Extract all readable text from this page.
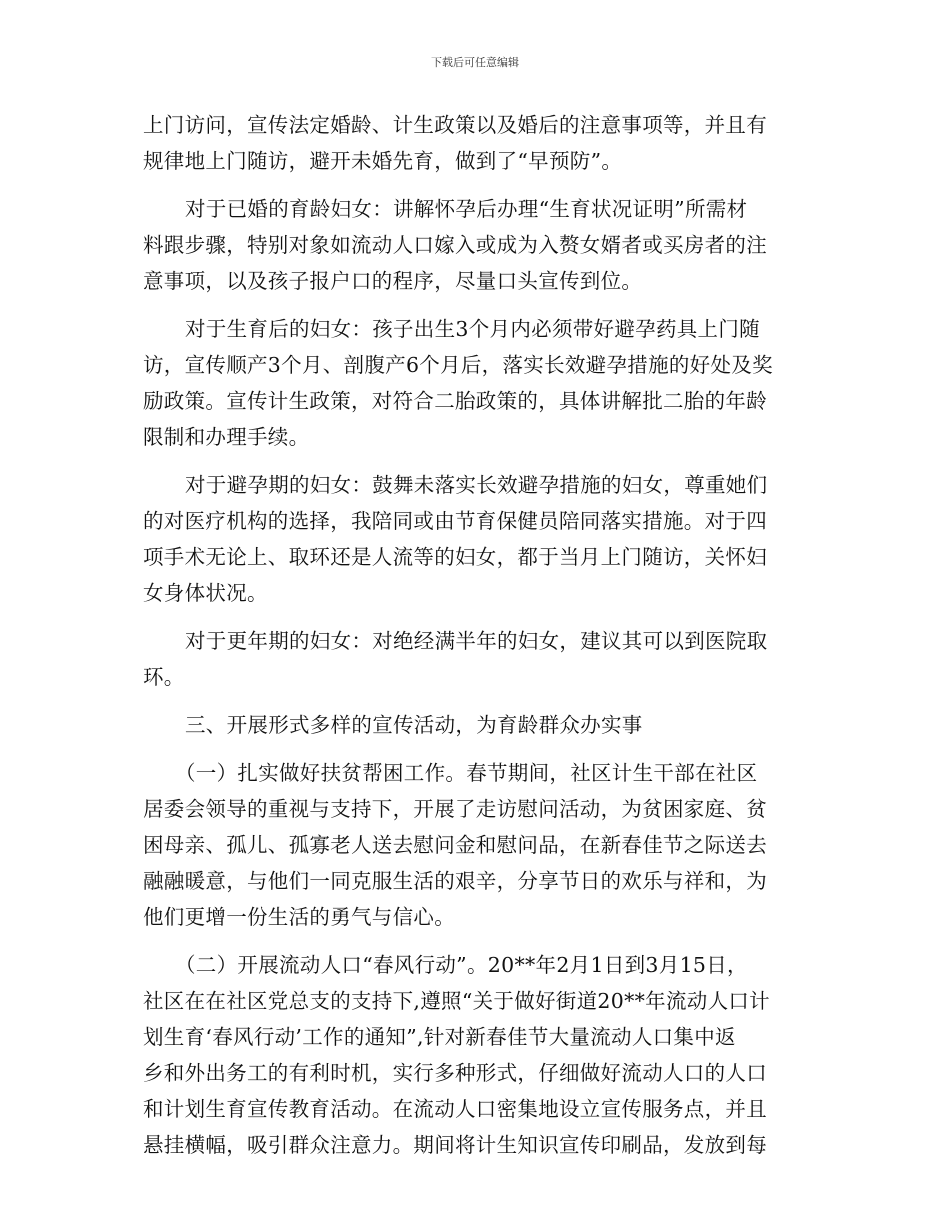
下载后可任意编辑
上门访问，宣传法定婚龄、计生政策以及婚后的注意事项等，并且有
规律地上门随访，避开未婚先育，做到了“早预防”。
对于已婚的育龄妇女：讲解怀孕后办理“生育状况证明”所需材
料跟步骤，特别对象如流动人口嫁入或成为入赘女婿者或买房者的注
意事项，以及孩子报户口的程序，尽量口头宣传到位。
对于生育后的妇女：孩子出生3个月内必须带好避孕药具上门随
访，宣传顺产3个月、剖腹产6个月后，落实长效避孕措施的好处及奖
励政策。宣传计生政策，对符合二胎政策的，具体讲解批二胎的年龄
限制和办理手续。
对于避孕期的妇女：鼓舞未落实长效避孕措施的妇女，尊重她们
的对医疗机构的选择，我陪同或由节育保健员陪同落实措施。对于四
项手术无论上、取环还是人流等的妇女，都于当月上门随访，关怀妇
女身体状况。
对于更年期的妇女：对绝经满半年的妇女，建议其可以到医院取
环。
三、开展形式多样的宣传活动，为育龄群众办实事
（一）扎实做好扶贫帮困工作。春节期间，社区计生干部在社区
居委会领导的重视与支持下，开展了走访慰问活动，为贫困家庭、贫
困母亲、孤儿、孤寡老人送去慰问金和慰问品，在新春佳节之际送去
融融暖意，与他们一同克服生活的艰辛，分享节日的欢乐与祥和，为
他们更增一份生活的勇气与信心。
（二）开展流动人口“春风行动”。20**年2月1日到3月15日，
社区在在社区党总支的支持下,遵照“关于做好街道20**年流动人口计
划生育‘春风行动’工作的通知”,针对新春佳节大量流动人口集中返
乡和外出务工的有利时机，实行多种形式，仔细做好流动人口的人口
和计划生育宣传教育活动。在流动人口密集地设立宣传服务点，并且
悬挂横幅，吸引群众注意力。期间将计生知识宣传印刷品，发放到每
